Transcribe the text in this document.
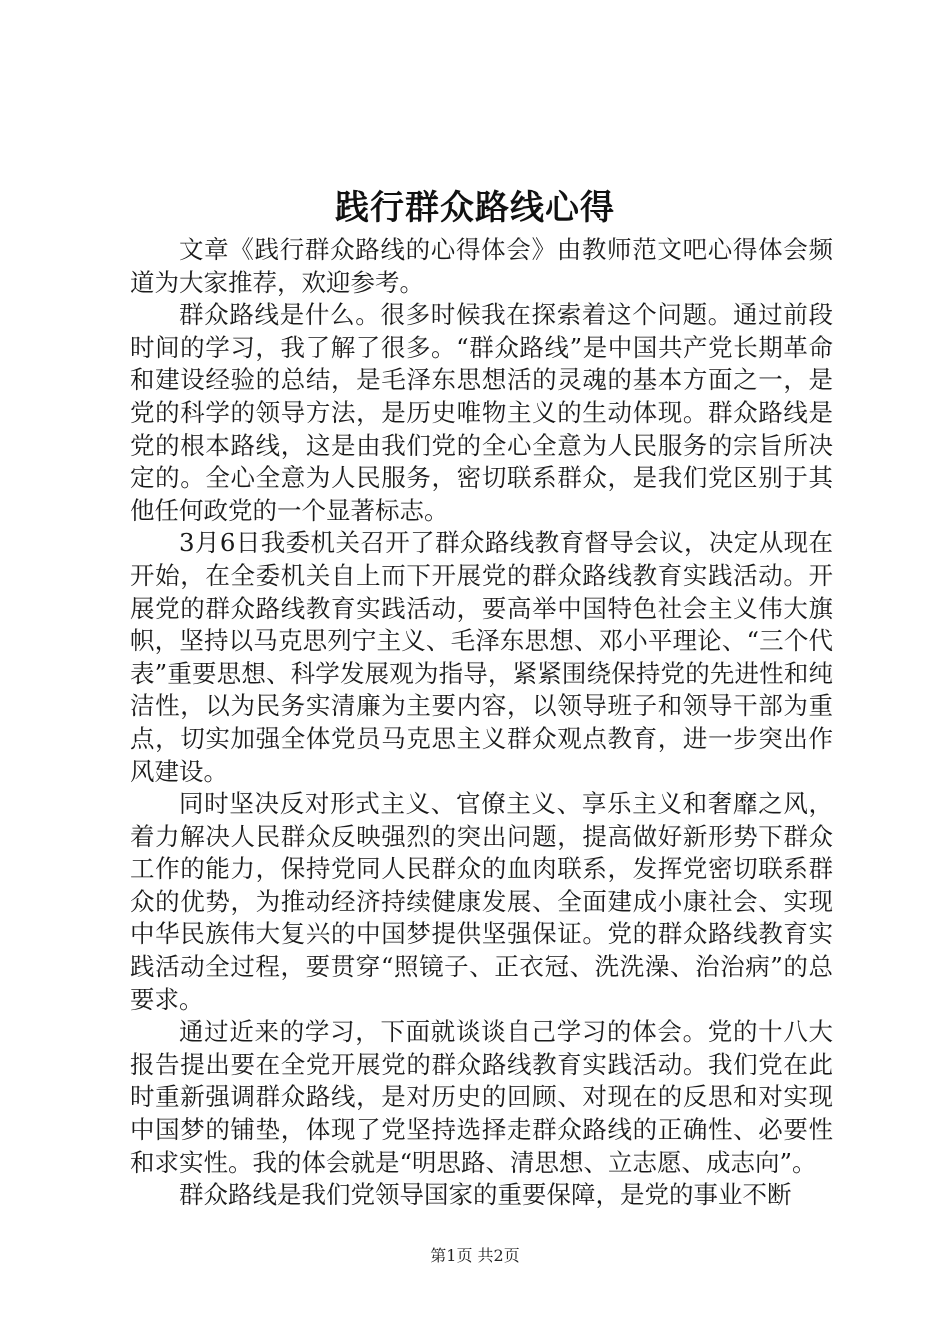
践行群众路线心得

文章《践行群众路线的心得体会》由教师范文吧心得体会频道为大家推荐，欢迎参考。

群众路线是什么。很多时候我在探索着这个问题。通过前段时间的学习，我了解了很多。“群众路线”是中国共产党长期革命和建设经验的总结，是毛泽东思想活的灵魂的基本方面之一，是党的科学的领导方法，是历史唯物主义的生动体现。群众路线是党的根本路线，这是由我们党的全心全意为人民服务的宗旨所决定的。全心全意为人民服务，密切联系群众，是我们党区别于其他任何政党的一个显著标志。

3月6日我委机关召开了群众路线教育督导会议，决定从现在开始，在全委机关自上而下开展党的群众路线教育实践活动。开展党的群众路线教育实践活动，要高举中国特色社会主义伟大旗帜，坚持以马克思列宁主义、毛泽东思想、邓小平理论、“三个代表”重要思想、科学发展观为指导，紧紧围绕保持党的先进性和纯洁性，以为民务实清廉为主要内容，以领导班子和领导干部为重点，切实加强全体党员马克思主义群众观点教育，进一步突出作风建设。

同时坚决反对形式主义、官僚主义、享乐主义和奢靡之风，着力解决人民群众反映强烈的突出问题，提高做好新形势下群众工作的能力，保持党同人民群众的血肉联系，发挥党密切联系群众的优势，为推动经济持续健康发展、全面建成小康社会、实现中华民族伟大复兴的中国梦提供坚强保证。党的群众路线教育实践活动全过程，要贯穿“照镜子、正衣冠、洗洗澡、治治病”的总要求。

通过近来的学习，下面就谈谈自己学习的体会。党的十八大报告提出要在全党开展党的群众路线教育实践活动。我们党在此时重新强调群众路线，是对历史的回顾、对现在的反思和对实现中国梦的铺垫，体现了党坚持选择走群众路线的正确性、必要性和求实性。我的体会就是“明思路、清思想、立志愿、成志向”。

群众路线是我们党领导国家的重要保障，是党的事业不断

第1页 共2页
